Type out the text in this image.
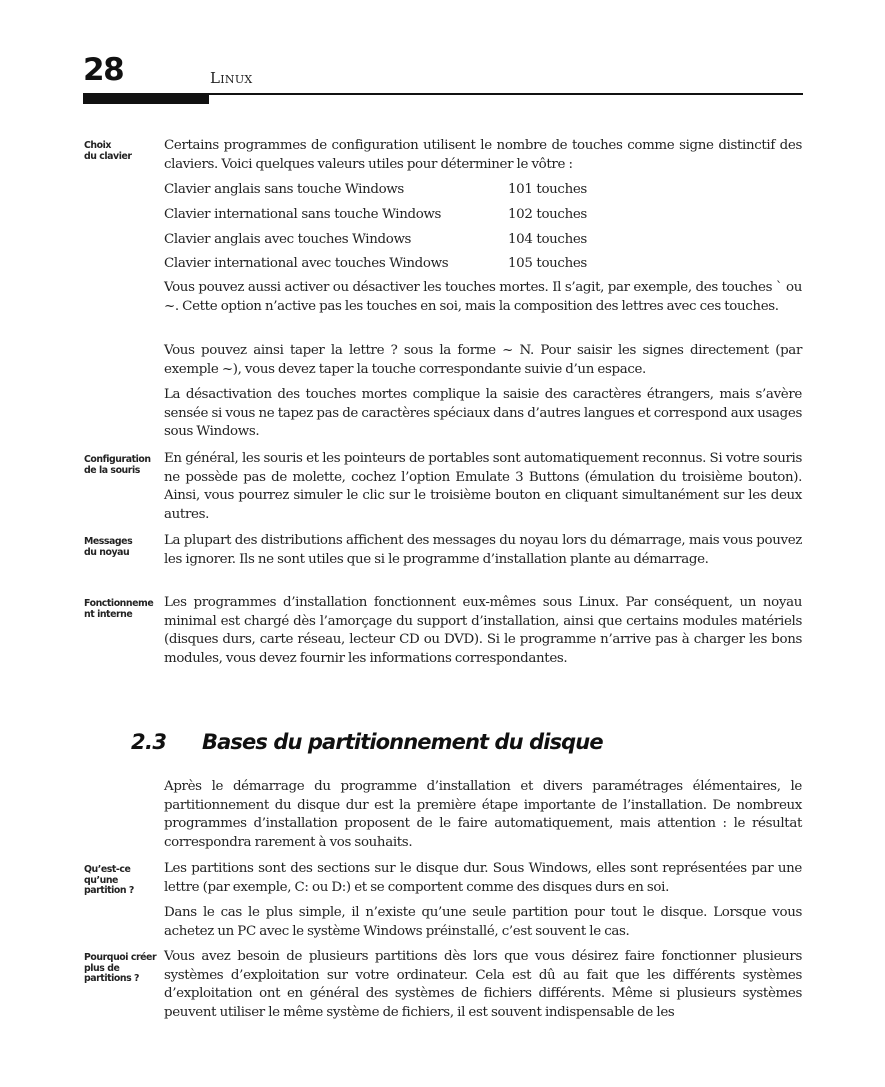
28	Linux
Choix
du clavier

Certains programmes de configuration utilisent le nombre de touches comme signe distinctif des claviers. Voici quelques valeurs utiles pour déterminer le vôtre :

Clavier anglais sans touche Windows	101 touches
Clavier international sans touche Windows	102 touches
Clavier anglais avec touches Windows	104 touches
Clavier international avec touches Windows	105 touches

Vous pouvez aussi activer ou désactiver les touches mortes. Il s’agit, par exemple, des touches ` ou ~. Cette option n’active pas les touches en soi, mais la composition des lettres avec ces touches.

Vous pouvez ainsi taper la lettre ? sous la forme ~ N. Pour saisir les signes directement (par exemple ~), vous devez taper la touche correspondante suivie d’un espace.

La désactivation des touches mortes complique la saisie des caractères étrangers, mais s’avère sensée si vous ne tapez pas de caractères spéciaux dans d’autres langues et correspond aux usages sous Windows.

Configuration
de la souris

En général, les souris et les pointeurs de portables sont automatiquement reconnus. Si votre souris ne possède pas de molette, cochez l’option Emulate 3 Buttons (émulation du troisième bouton). Ainsi, vous pourrez simuler le clic sur le troisième bouton en cliquant simultanément sur les deux autres.

Messages
du noyau

La plupart des distributions affichent des messages du noyau lors du démarrage, mais vous pouvez les ignorer. Ils ne sont utiles que si le programme d’installation plante au démarrage.

Fonctionnement interne

Les programmes d’installation fonctionnent eux-mêmes sous Linux. Par conséquent, un noyau minimal est chargé dès l’amorçage du support d’installation, ainsi que certains modules matériels (disques durs, carte réseau, lecteur CD ou DVD). Si le programme n’arrive pas à charger les bons modules, vous devez fournir les informations correspondantes.

2.3 Bases du partitionnement du disque

Après le démarrage du programme d’installation et divers paramétrages élémentaires, le partitionnement du disque dur est la première étape importante de l’installation. De nombreux programmes d’installation proposent de le faire automatiquement, mais attention : le résultat correspondra rarement à vos souhaits.

Qu’est-ce
qu’une
partition ?

Les partitions sont des sections sur le disque dur. Sous Windows, elles sont représentées par une lettre (par exemple, C: ou D:) et se comportent comme des disques durs en soi.

Dans le cas le plus simple, il n’existe qu’une seule partition pour tout le disque. Lorsque vous achetez un PC avec le système Windows préinstallé, c’est souvent le cas.

Pourquoi créer
plus de
partitions ?

Vous avez besoin de plusieurs partitions dès lors que vous désirez faire fonctionner plusieurs systèmes d’exploitation sur votre ordinateur. Cela est dû au fait que les différents systèmes d’exploitation ont en général des systèmes de fichiers différents. Même si plusieurs systèmes peuvent utiliser le même système de fichiers, il est souvent indispensable de les
